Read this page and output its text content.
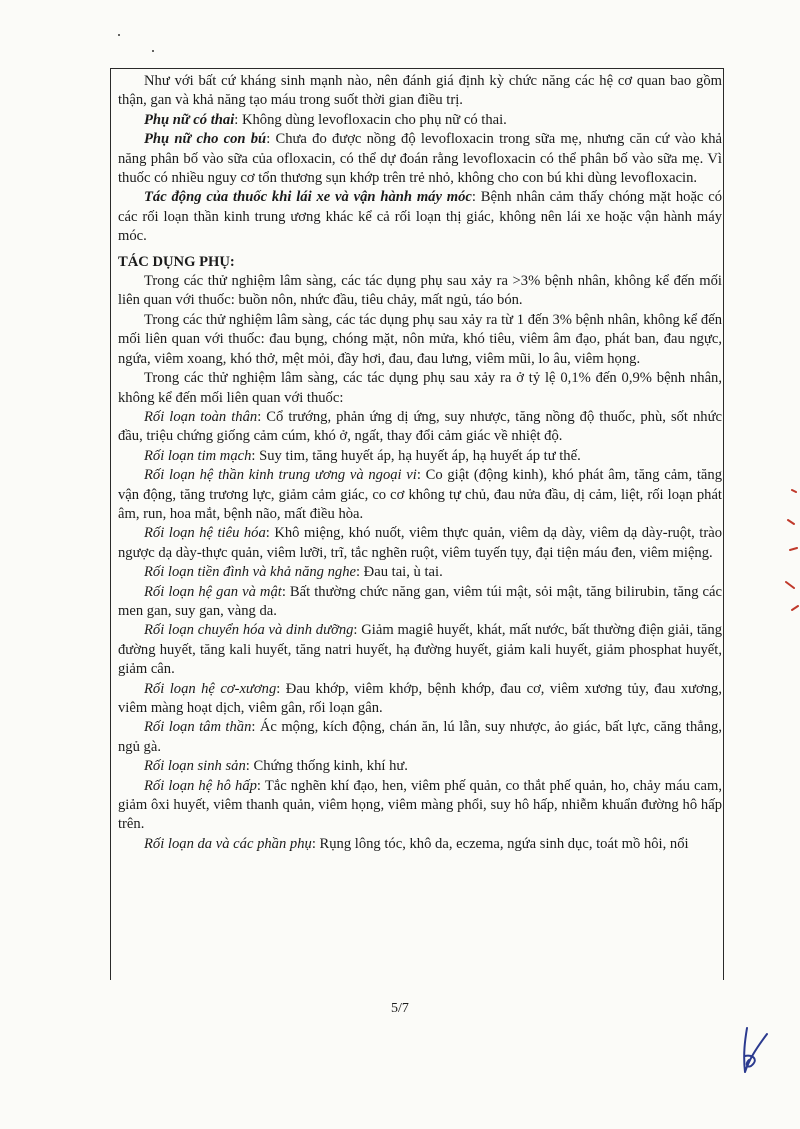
Như với bất cứ kháng sinh mạnh nào, nên đánh giá định kỳ chức năng các hệ cơ quan bao gồm thận, gan và khả năng tạo máu trong suốt thời gian điều trị.

Phụ nữ có thai: Không dùng levofloxacin cho phụ nữ có thai.

Phụ nữ cho con bú: Chưa đo được nồng độ levofloxacin trong sữa mẹ, nhưng căn cứ vào khả năng phân bố vào sữa của ofloxacin, có thể dự đoán rằng levofloxacin có thể phân bố vào sữa mẹ. Vì thuốc có nhiều nguy cơ tổn thương sụn khớp trên trẻ nhỏ, không cho con bú khi dùng levofloxacin.

Tác động của thuốc khi lái xe và vận hành máy móc: Bệnh nhân cảm thấy chóng mặt hoặc có các rối loạn thần kinh trung ương khác kể cả rối loạn thị giác, không nên lái xe hoặc vận hành máy móc.

TÁC DỤNG PHỤ:

Trong các thử nghiệm lâm sàng, các tác dụng phụ sau xảy ra >3% bệnh nhân, không kể đến mối liên quan với thuốc: buồn nôn, nhức đầu, tiêu chảy, mất ngủ, táo bón.

Trong các thử nghiệm lâm sàng, các tác dụng phụ sau xảy ra từ 1 đến 3% bệnh nhân, không kể đến mối liên quan với thuốc: đau bụng, chóng mặt, nôn mửa, khó tiêu, viêm âm đạo, phát ban, đau ngực, ngứa, viêm xoang, khó thở, mệt mỏi, đầy hơi, đau, đau lưng, viêm mũi, lo âu, viêm họng.

Trong các thử nghiệm lâm sàng, các tác dụng phụ sau xảy ra ở tỷ lệ 0,1% đến 0,9% bệnh nhân, không kể đến mối liên quan với thuốc:

Rối loạn toàn thân: Cổ trướng, phản ứng dị ứng, suy nhược, tăng nồng độ thuốc, phù, sốt nhức đầu, triệu chứng giống cảm cúm, khó ở, ngất, thay đổi cảm giác về nhiệt độ.

Rối loạn tim mạch: Suy tim, tăng huyết áp, hạ huyết áp, hạ huyết áp tư thế.

Rối loạn hệ thần kinh trung ương và ngoại vi: Co giật (động kinh), khó phát âm, tăng cảm, tăng vận động, tăng trương lực, giảm cảm giác, co cơ không tự chủ, đau nửa đầu, dị cảm, liệt, rối loạn phát âm, run, hoa mắt, bệnh não, mất điều hòa.

Rối loạn hệ tiêu hóa: Khô miệng, khó nuốt, viêm thực quản, viêm dạ dày, viêm dạ dày-ruột, trào ngược dạ dày-thực quản, viêm lưỡi, trĩ, tắc nghẽn ruột, viêm tuyến tụy, đại tiện máu đen, viêm miệng.

Rối loạn tiền đình và khả năng nghe: Đau tai, ù tai.

Rối loạn hệ gan và mật: Bất thường chức năng gan, viêm túi mật, sỏi mật, tăng bilirubin, tăng các men gan, suy gan, vàng da.

Rối loạn chuyển hóa và dinh dưỡng: Giảm magiê huyết, khát, mất nước, bất thường điện giải, tăng đường huyết, tăng kali huyết, tăng natri huyết, hạ đường huyết, giảm kali huyết, giảm phosphat huyết, giảm cân.

Rối loạn hệ cơ-xương: Đau khớp, viêm khớp, bệnh khớp, đau cơ, viêm xương tủy, đau xương, viêm màng hoạt dịch, viêm gân, rối loạn gân.

Rối loạn tâm thần: Ác mộng, kích động, chán ăn, lú lẫn, suy nhược, ảo giác, bất lực, căng thẳng, ngủ gà.

Rối loạn sinh sản: Chứng thống kinh, khí hư.

Rối loạn hệ hô hấp: Tắc nghẽn khí đạo, hen, viêm phế quản, co thắt phế quản, ho, chảy máu cam, giảm ôxi huyết, viêm thanh quản, viêm họng, viêm màng phổi, suy hô hấp, nhiễm khuẩn đường hô hấp trên.

Rối loạn da và các phần phụ: Rụng lông tóc, khô da, eczema, ngứa sinh dục, toát mồ hôi, nổi

5/7
